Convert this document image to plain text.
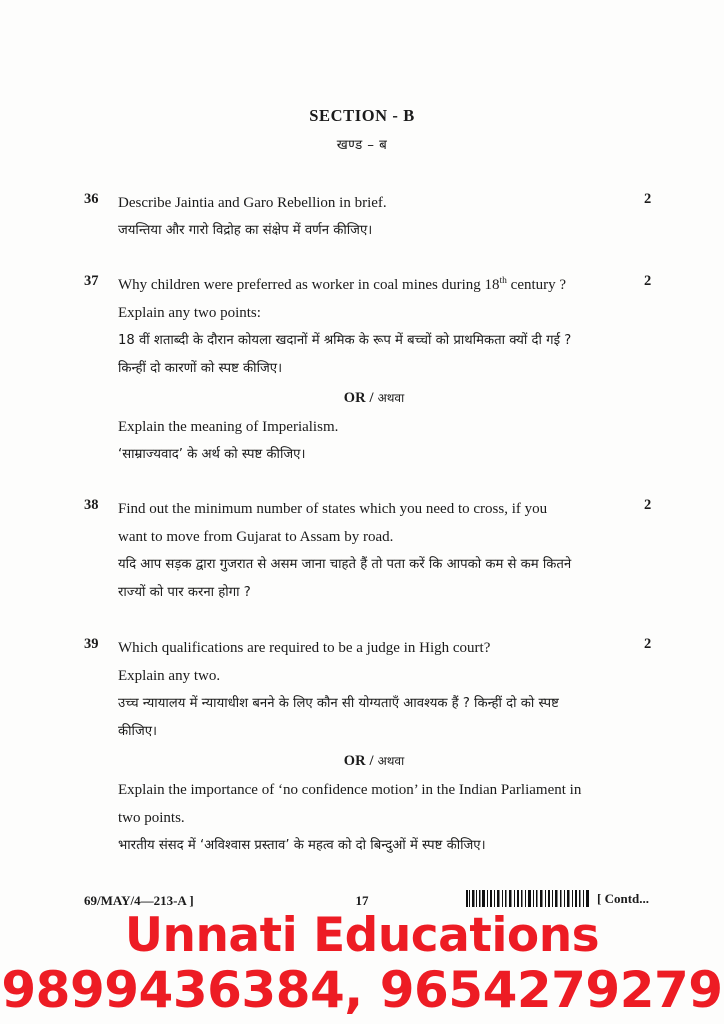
SECTION - B
खण्ड – ब
36	2
Describe Jaintia and Garo Rebellion in brief.
जयन्तिया और गारो विद्रोह का संक्षेप में वर्णन कीजिए।
37	2
Why children were preferred as worker in coal mines during 18th century ?
Explain any two points:
18 वीं शताब्दी के दौरान कोयला खदानों में श्रमिक के रूप में बच्चों को प्राथमिकता क्यों दी गई ?
किन्हीं दो कारणों को स्पष्ट कीजिए।
OR / अथवा
Explain the meaning of Imperialism.
‘साम्राज्यवाद’ के अर्थ को स्पष्ट कीजिए।
38	2
Find out the minimum number of states which you need to cross, if you
want to move from Gujarat to Assam by road.
यदि आप सड़क द्वारा गुजरात से असम जाना चाहते हैं तो पता करें कि आपको कम से कम कितने
राज्यों को पार करना होगा ?
39	2
Which qualifications are required to be a judge in High court?
Explain any two.
उच्च न्यायालय में न्यायाधीश बनने के लिए कौन सी योग्यताएँ आवश्यक हैं ? किन्हीं दो को स्पष्ट
कीजिए।
OR / अथवा
Explain the importance of ‘no confidence motion’ in the Indian Parliament in
two points.
भारतीय संसद में ‘अविश्वास प्रस्ताव’ के महत्व को दो बिन्दुओं में स्पष्ट कीजिए।
69/MAY/4—213-A ]	17	[ Contd...
Unnati Educations
9899436384, 9654279279
